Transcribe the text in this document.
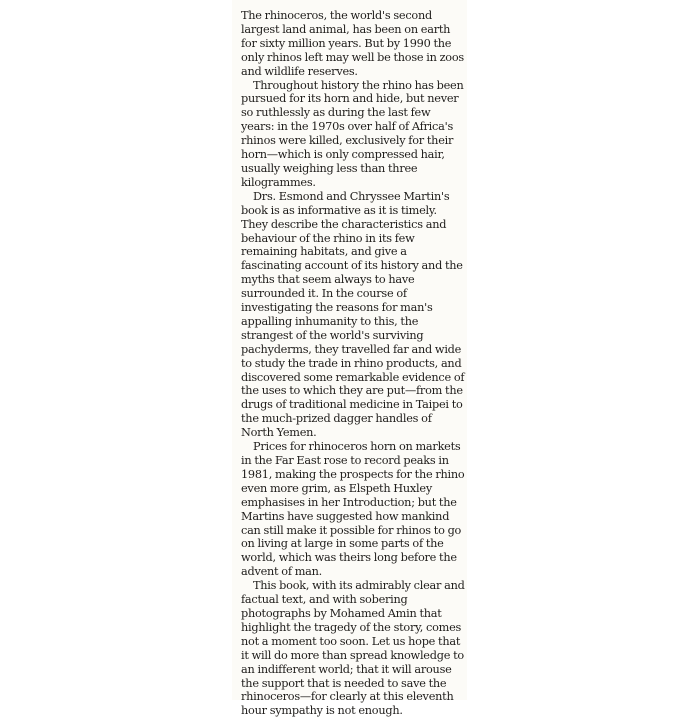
The rhinoceros, the world's second largest land animal, has been on earth for sixty million years. But by 1990 the only rhinos left may well be those in zoos and wildlife reserves.

Throughout history the rhino has been pursued for its horn and hide, but never so ruthlessly as during the last few years: in the 1970s over half of Africa's rhinos were killed, exclusively for their horn—which is only compressed hair, usually weighing less than three kilogrammes.

Drs. Esmond and Chryssee Martin's book is as informative as it is timely. They describe the characteristics and behaviour of the rhino in its few remaining habitats, and give a fascinating account of its history and the myths that seem always to have surrounded it. In the course of investigating the reasons for man's appalling inhumanity to this, the strangest of the world's surviving pachyderms, they travelled far and wide to study the trade in rhino products, and discovered some remarkable evidence of the uses to which they are put—from the drugs of traditional medicine in Taipei to the much-prized dagger handles of North Yemen.

Prices for rhinoceros horn on markets in the Far East rose to record peaks in 1981, making the prospects for the rhino even more grim, as Elspeth Huxley emphasises in her Introduction; but the Martins have suggested how mankind can still make it possible for rhinos to go on living at large in some parts of the world, which was theirs long before the advent of man.

This book, with its admirably clear and factual text, and with sobering photographs by Mohamed Amin that highlight the tragedy of the story, comes not a moment too soon. Let us hope that it will do more than spread knowledge to an indifferent world; that it will arouse the support that is needed to save the rhinoceros—for clearly at this eleventh hour sympathy is not enough.
